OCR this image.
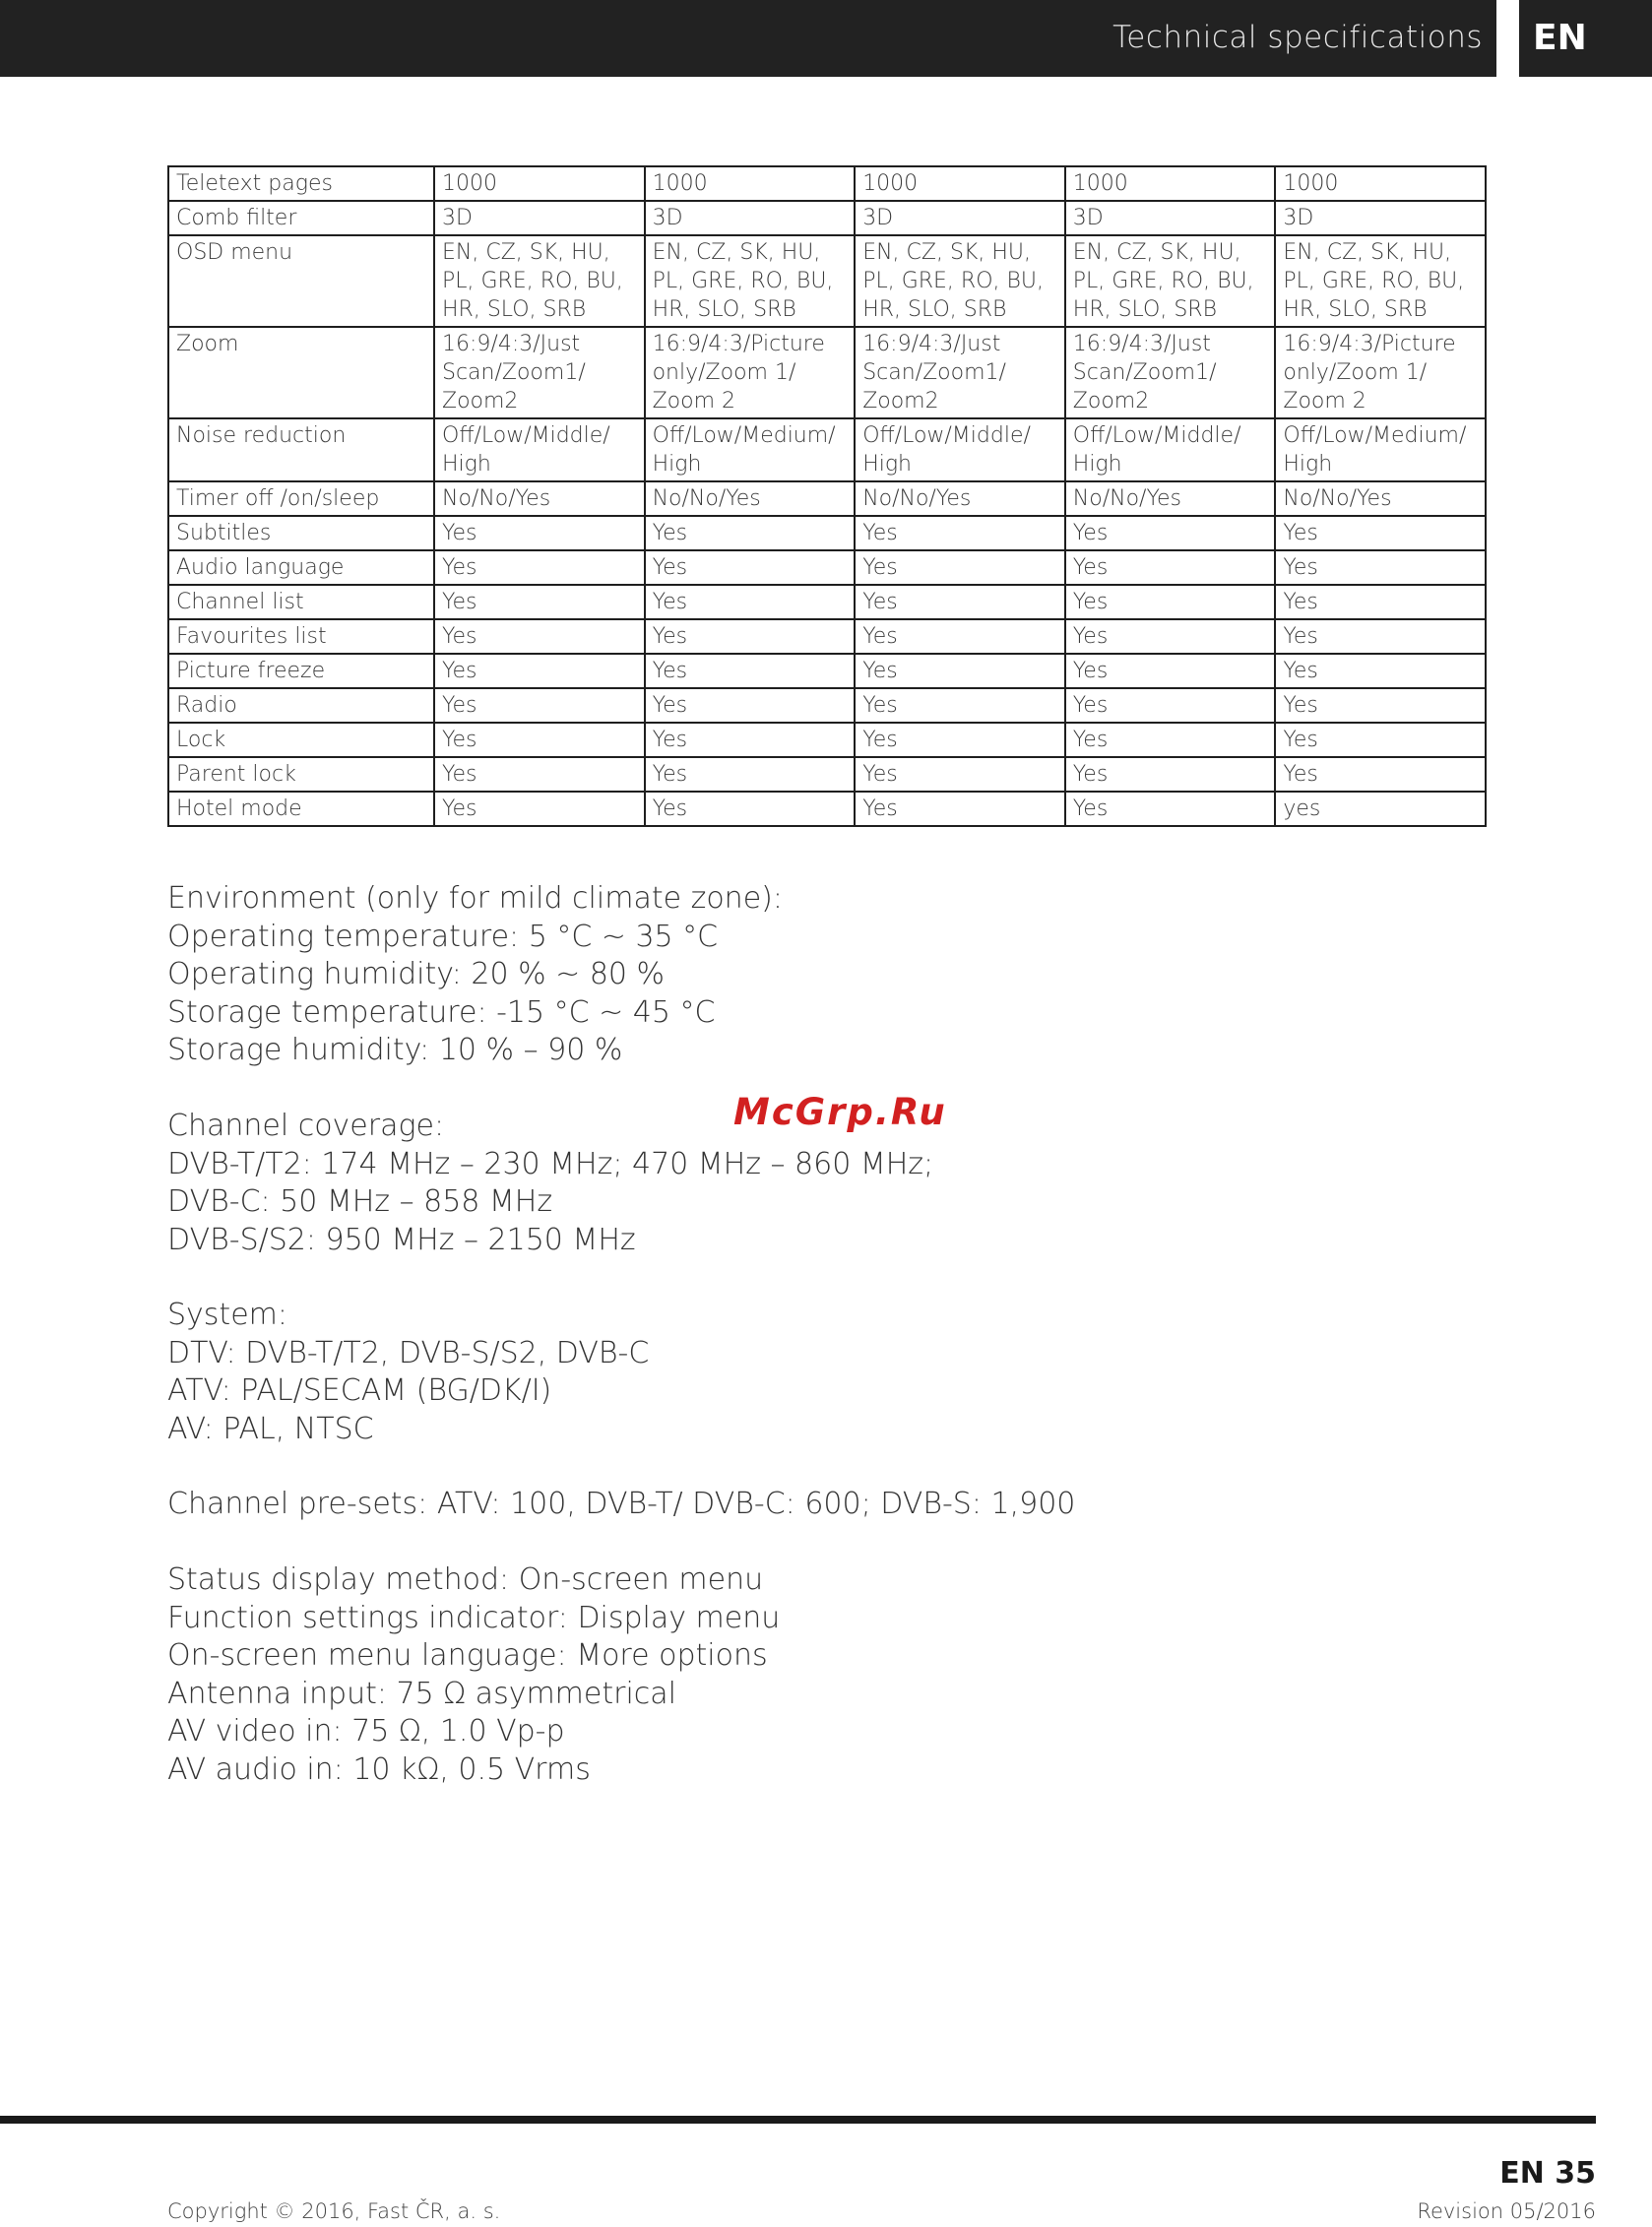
Technical specifications EN
Teletext pages	1000	1000	1000	1000	1000

Comb filter	3D	3D	3D	3D	3D

OSD menu	EN, CZ, SK, HU,
PL, GRE, RO, BU,
HR, SLO, SRB	EN, CZ, SK, HU,
PL, GRE, RO, BU,
HR, SLO, SRB	EN, CZ, SK, HU,
PL, GRE, RO, BU,
HR, SLO, SRB	EN, CZ, SK, HU,
PL, GRE, RO, BU,
HR, SLO, SRB	EN, CZ, SK, HU,
PL, GRE, RO, BU,
HR, SLO, SRB

Zoom	16:9/4:3/Just
Scan/Zoom1/
Zoom2	16:9/4:3/Picture
only/Zoom 1/
Zoom 2	16:9/4:3/Just
Scan/Zoom1/
Zoom2	16:9/4:3/Just
Scan/Zoom1/
Zoom2	16:9/4:3/Picture
only/Zoom 1/
Zoom 2

Noise reduction	Off/Low/Middle/
High	Off/Low/Medium/
High	Off/Low/Middle/
High	Off/Low/Middle/
High	Off/Low/Medium/
High

Timer off /on/sleep	No/No/Yes	No/No/Yes	No/No/Yes	No/No/Yes	No/No/Yes

Subtitles	Yes	Yes	Yes	Yes	Yes

Audio language	Yes	Yes	Yes	Yes	Yes

Channel list	Yes	Yes	Yes	Yes	Yes

Favourites list	Yes	Yes	Yes	Yes	Yes

Picture freeze	Yes	Yes	Yes	Yes	Yes

Radio	Yes	Yes	Yes	Yes	Yes

Lock	Yes	Yes	Yes	Yes	Yes

Parent lock	Yes	Yes	Yes	Yes	Yes

Hotel mode	Yes	Yes	Yes	Yes	yes
Environment (only for mild climate zone):
Operating temperature: 5 °C ~ 35 °C
Operating humidity: 20 % ~ 80 %
Storage temperature: -15 °C ~ 45 °C
Storage humidity: 10 % – 90 %
Channel coverage:
DVB-T/T2: 174 MHz – 230 MHz; 470 MHz – 860 MHz;
DVB-C: 50 MHz – 858 MHz
DVB-S/S2: 950 MHz – 2150 MHz
System:
DTV: DVB-T/T2, DVB-S/S2, DVB-C
ATV: PAL/SECAM (BG/DK/I)
AV: PAL, NTSC
Channel pre-sets: ATV: 100, DVB-T/ DVB-C: 600; DVB-S: 1,900
Status display method: On-screen menu
Function settings indicator: Display menu
On-screen menu language: More options
Antenna input: 75 Ω asymmetrical
AV video in: 75 Ω, 1.0 Vp-p
AV audio in: 10 kΩ, 0.5 Vrms
McGrp.Ru
EN 35
Copyright © 2016, Fast ČR, a. s.	Revision 05/2016
